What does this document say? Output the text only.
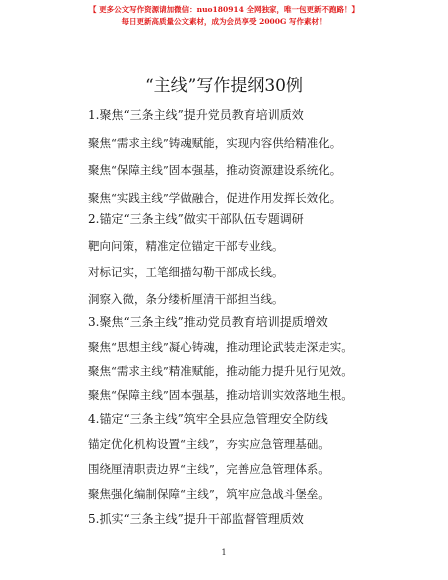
【 更多公文写作资源请加微信：nuo180914 全网独家，唯一包更新不跑路！】
每日更新高质量公文素材，成为会员享受 2000G 写作素材！
“主线”写作提纲30例
1.聚焦“三条主线”提升党员教育培训质效
聚焦“需求主线”铸魂赋能，实现内容供给精准化。
聚焦“保障主线”固本强基，推动资源建设系统化。
聚焦“实践主线”学做融合，促进作用发挥长效化。
2.锚定“三条主线”做实干部队伍专题调研
靶向问策，精准定位锚定干部专业线。
对标记实，工笔细描勾勒干部成长线。
洞察入微，条分缕析厘清干部担当线。
3.聚焦“三条主线”推动党员教育培训提质增效
聚焦“思想主线”凝心铸魂，推动理论武装走深走实。
聚焦“需求主线”精准赋能，推动能力提升见行见效。
聚焦“保障主线”固本强基，推动培训实效落地生根。
4.锚定“三条主线”筑牢全县应急管理安全防线
锚定优化机构设置“主线”，夯实应急管理基础。
围绕厘清职责边界“主线”，完善应急管理体系。
聚焦强化编制保障“主线”，筑牢应急战斗堡垒。
5.抓实“三条主线”提升干部监督管理质效
1
